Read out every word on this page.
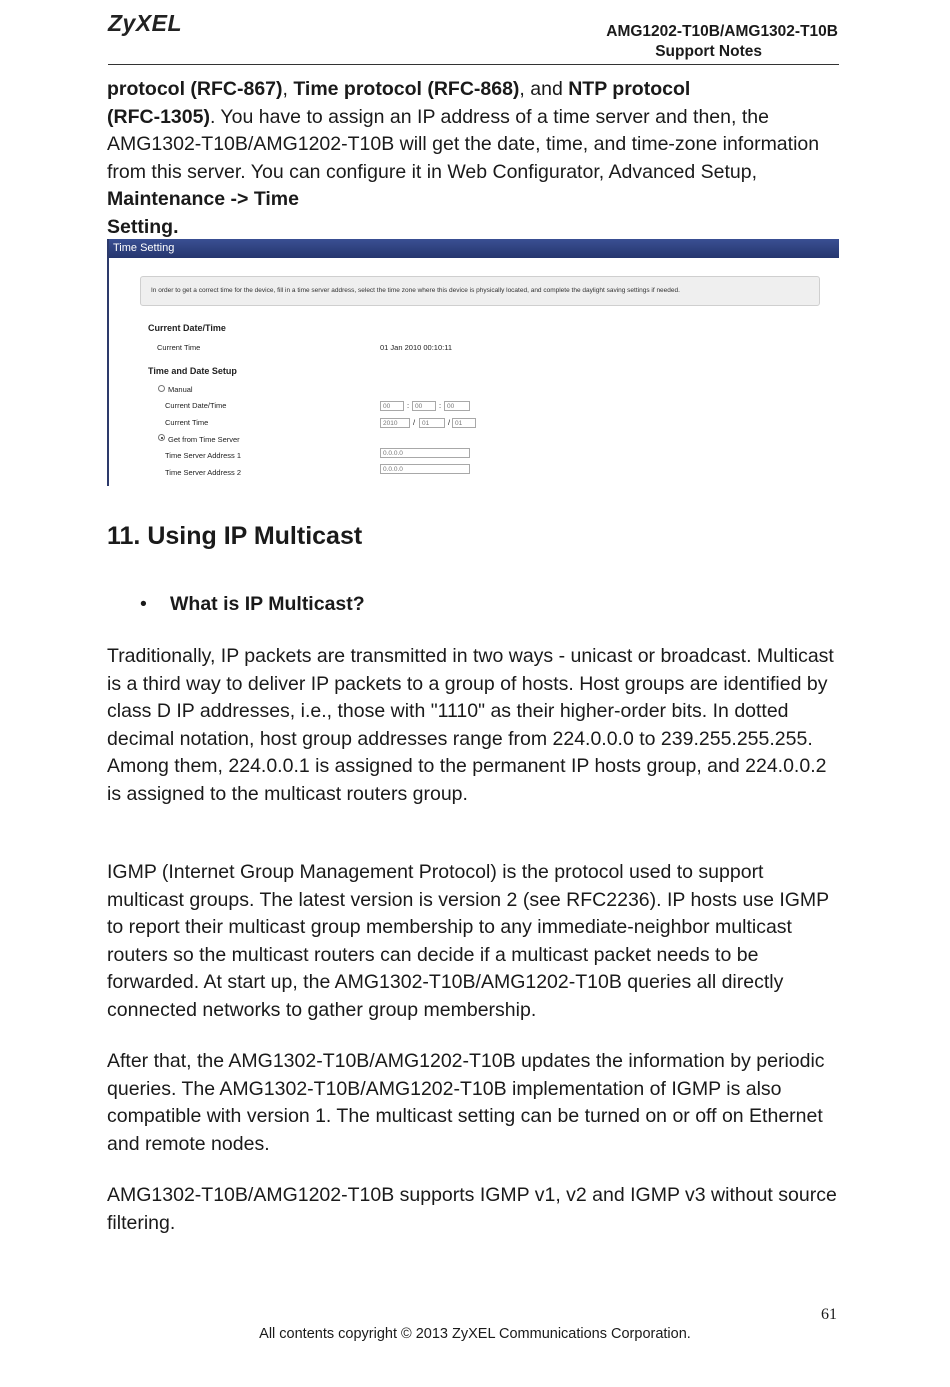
ZyXEL	AMG1202-T10B/AMG1302-T10B
Support Notes
protocol (RFC-867), Time protocol (RFC-868), and NTP protocol
(RFC-1305). You have to assign an IP address of a time server and then, the AMG1302-T10B/AMG1202-T10B will get the date, time, and time-zone information from this server. You can configure it in Web Configurator, Advanced Setup, Maintenance -> Time
Setting.
Time Setting
In order to get a correct time for the device, fill in a time server address, select the time zone where this device is physically located, and complete the daylight saving settings if needed.
Current Date/Time
Current Time	01 Jan 2010 00:10:11
Time and Date Setup
Manual
Current Date/Time	00	: 00	: 00
Current Time	2010	/	01	/ 01
Get from Time Server
Time Server Address 1	0.0.0.0
Time Server Address 2	0.0.0.0
11. Using IP Multicast
• What is IP Multicast?
Traditionally, IP packets are transmitted in two ways - unicast or broadcast. Multicast is a third way to deliver IP packets to a group of hosts. Host groups are identified by class D IP addresses, i.e., those with "1110" as their higher-order bits. In dotted decimal notation, host group addresses range from 224.0.0.0 to 239.255.255.255. Among them, 224.0.0.1 is assigned to the permanent IP hosts group, and 224.0.0.2 is assigned to the multicast routers group.
IGMP (Internet Group Management Protocol) is the protocol used to support multicast groups. The latest version is version 2 (see RFC2236). IP hosts use IGMP to report their multicast group membership to any immediate-neighbor multicast routers so the multicast routers can decide if a multicast packet needs to be forwarded. At start up, the AMG1302-T10B/AMG1202-T10B queries all directly connected networks to gather group membership.
After that, the AMG1302-T10B/AMG1202-T10B updates the information by periodic queries. The AMG1302-T10B/AMG1202-T10B implementation of IGMP is also compatible with version 1. The multicast setting can be turned on or off on Ethernet and remote nodes.
AMG1302-T10B/AMG1202-T10B supports IGMP v1, v2 and IGMP v3 without source filtering.
61
All contents copyright © 2013 ZyXEL Communications Corporation.
